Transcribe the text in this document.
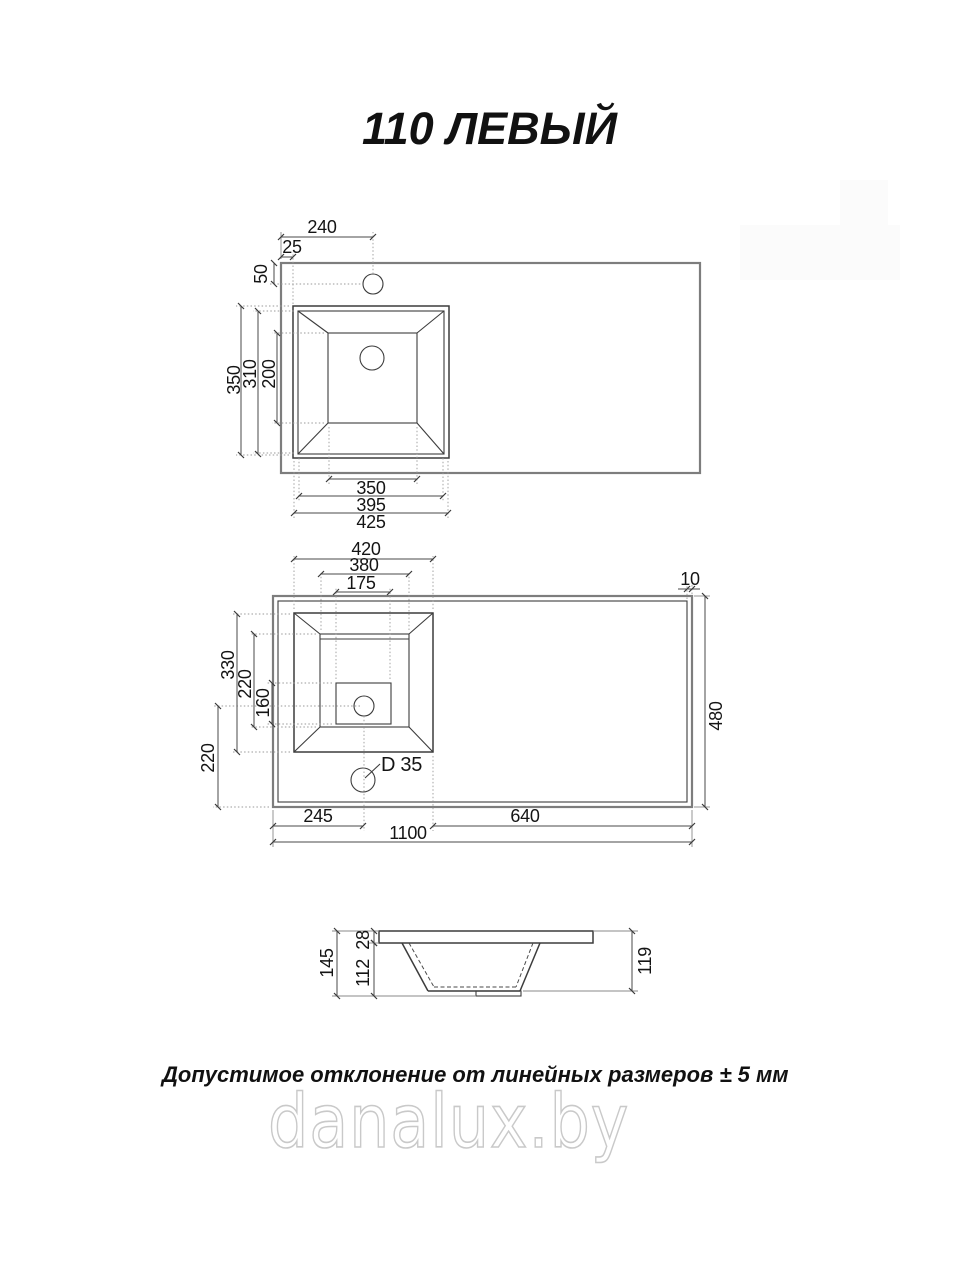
110 ЛЕВЫЙ
240
25
50
350
310 200
350
395
425
420
380
175	10
330
220
160
220
480
245	640
1100
D 35
145
28
112	119
Допустимое отклонение от линейных размеров ± 5 мм
danalux.by
